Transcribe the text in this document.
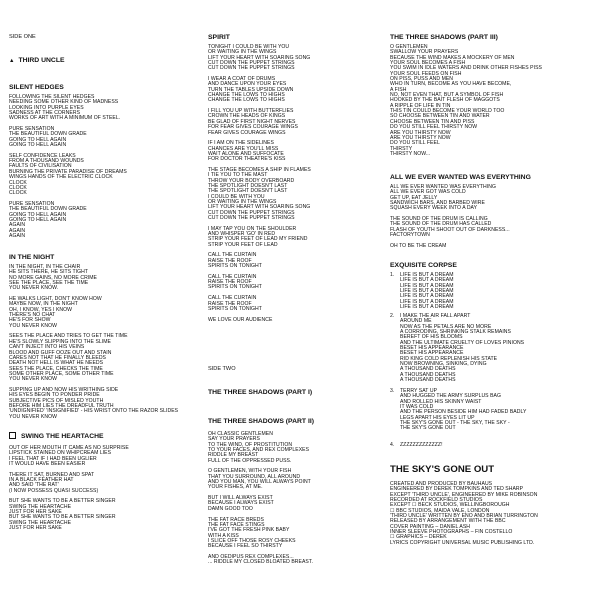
SIDE ONE
▲ THIRD UNCLE
SILENT HEDGES
FOLLOWING THE SILENT HEDGES
NEEDING SOME OTHER KIND OF MADNESS
LOOKING INTO PURPLE EYES
SADNESS AT THE CORNERS
WORKS OF ART WITH A MINIMUM OF STEEL.
PURE SENSATION
THE BEAUTIFUL DOWN GRADE
GOING TO HELL AGAIN
GOING TO HELL AGAIN
SELF CONFIDENCE LEAKS
FROM A THOUSAND WOUNDS
FAULTS OF CIVILISATION
BURNING THE PRIVATE PARADISE OF DREAMS
WINGS HANDS OF THE ELECTRIC CLOCK
CLOCK
CLOCK
CLOCK
PURE SENSATION
THE BEAUTIFUL DOWN GRADE
GOING TO HELL AGAIN
GOING TO HELL AGAIN
AGAIN
AGAIN
AGAIN
IN THE NIGHT
IN THE NIGHT, IN THE CHAIR
HE SITS THERE, HE SITS TIGHT
NO MORE GAINS, NO MORE CRIME
SEE THE PLACE, SEE THE TIME
YOU NEVER KNOW.
HE WALKS LIGHT, DON'T KNOW HOW
MAYBE NOW, IN THE NIGHT
OH, I KNOW, YES I KNOW
THERE'S NO CHAT
HE'S FOR SHOW
YOU NEVER KNOW
SEES THE PLACE AND TRIES TO GET THE TIME
HE'S SLOWLY SLIPPING INTO THE SLIME
CAN'T INJECT INTO HIS VEINS
BLOOD AND GUFF OOZE OUT AND STAIN
CARES NOT THAT HE FINALLY BLEEDS
DEATH NOT HELL IS WHAT HE NEEDS
SEES THE PLACE, CHECKS THE TIME
SOME OTHER PLACE, SOME OTHER TIME
YOU NEVER KNOW
SUPPING UP AND NOW HIS WRITHING SIDE
HIS EYES BEGIN TO PONDER PRIDE
SUBJECTIVE PICS OF MISLED YOUTH
BEFORE HIM LIES THE DREADFUL TRUTH
'UNDIGNIFIED' 'INSIGNIFIED' - HIS WRIST ONTO THE RAZOR SLIDES
YOU NEVER KNOW
SWING THE HEARTACHE
OUT OF HER MOUTH IT CAME AS NO SURPRISE
LIPSTICK STAINED ON WHIPCREAM LIES
I FEEL THAT IF I HAD BEEN UGLIER
IT WOULD HAVE BEEN EASIER
THERE IT SAT, BURNED AND SPAT
IN A BLACK FEATHER HAT
AND SAID 'THE RAT'
(I NOW POSSESS QUASI SUCCESS)
BUT SHE WANTS TO BE A BETTER SINGER
SWING THE HEARTACHE
JUST FOR HER SAKE
BUT SHE WANTS TO BE A BETTER SINGER
SWING THE HEARTACHE
JUST FOR HER SAKE
SPIRIT
TONIGHT I COULD BE WITH YOU
OR WAITING IN THE WINGS
LIFT YOUR HEART WITH SOARING SONG
CUT DOWN THE PUPPET STRINGS
CUT DOWN THE PUPPET STRINGS
I WEAR A COAT OF DRUMS
AND DANCE UPON YOUR EYES
TURN THE TABLES UPSIDE DOWN
CHANGE THE LOWS TO HIGHS
CHANGE THE LOWS TO HIGHS
I FILL YOU UP WITH BUTTERFLIES
CROWN THE HEADS OF KINGS
BE GLAD OF FIRST NIGHT NERVES
FOR FEAR GIVES COURAGE WINGS
FEAR GIVES COURAGE WINGS
IF I AM ON THE SIDELINES
CHANCES ARE YOU'LL MISS
WAIT ALONE AND SUFFOCATE
FOR DOCTOR THEATRE'S KISS
THE STAGE BECOMES A SHIP IN FLAMES
I TIE YOU TO THE MAST
THROW YOUR BODY OVERBOARD
THE SPOTLIGHT DOESN'T LAST
THE SPOTLIGHT DOESN'T LAST
I COULD BE WITH YOU
OR WAITING IN THE WINGS
LIFT YOUR HEART WITH SOARING SONG
CUT DOWN THE PUPPET STRINGS
CUT DOWN THE PUPPET STRINGS
I MAY TAP YOU ON THE SHOULDER
AND WHISPER 'GO' IN RED
STRIP YOUR FEET OF LEAD MY FRIEND
STRIP YOUR FEET OF LEAD
CALL THE CURTAIN
RAISE THE ROOF
SPIRITS ON TONIGHT
CALL THE CURTAIN
RAISE THE ROOF
SPIRITS ON TONIGHT
CALL THE CURTAIN
RAISE THE ROOF
SPIRITS ON TONIGHT
WE LOVE OUR AUDIENCE
SIDE TWO
THE THREE SHADOWS (PART I)
THE THREE SHADOWS (PART II)
OH CLASSIC GENTLEMEN
SAY YOUR PRAYERS
TO THE WIND, OF PROSTITUTION
TO YOUR FACES, AND REX COMPLEXES
RIDDLE MY BREAST
FULL OF THE OPPRESSED PUSS.
O GENTLEMEN, WITH YOUR FISH
THAT YOU SURROUND, ALL AROUND
AND YOU MAN, YOU WILL ALWAYS POINT
YOUR FISHES, AT ME.
BUT I WILL ALWAYS EXIST
BECAUSE I ALWAYS EXIST
DAMN GOOD TOO
THE FAT RACE BREDS
THE FAT FACE STINGS
I'VE GOT THE FRESH PINK BABY
WITH A KISS
I SLICE OFF THOSE ROSY CHEEKS
BECAUSE I FEEL SO THIRSTY
AND OEDIPUS REX COMPLEXES...
... RIDDLE MY CLOSED BLOATED BREAST.
THE THREE SHADOWS (PART III)
O GENTLEMEN
SWALLOW YOUR PRAYERS
BECAUSE THE WIND MAKES A MOCKERY OF MEN
YOUR SOUL BECOMES A FISH
YOU SWIM IN IDLE WATERS AND DRINK OTHER FISHES PISS
YOUR SOUL FEEDS ON FISH
ON PISS, PUSS AND MEN
WHO IN TURN, BECOME AS YOU HAVE BECOME,
A FISH
NO, NOT EVEN THAT, BUT A SYMBOL OF FISH
HOOKED BY THE BAIT FLESH OF MAGGOTS
A RIPPLE OF LIFE IN TIN
THIS TIN COULD BECOME YOUR WORLD TOO
SO CHOOSE BETWEEN TIN AND WATER
CHOOSE BETWEEN TIN AND PISS
DO YOU STILL FEEL THIRSTY NOW
ARE YOU THIRSTY NOW
ARE YOU THIRSTY NOW
DO YOU STILL FEEL
THIRSTY
THIRSTY NOW...
ALL WE EVER WANTED WAS EVERYTHING
ALL WE EVER WANTED WAS EVERYTHING
ALL WE EVER GOT WAS COLD
GET UP, EAT JELLY
SANDWICH BARS, AND BARBED WIRE
SQUASH EVERY WEEK INTO A DAY
THE SOUND OF THE DRUM IS CALLING
THE SOUND OF THE DRUM HAS CALLED
FLASH OF YOUTH SHOOT OUT OF DARKNESS...
FACTORYTOWN
OH TO BE THE CREAM
EXQUISITE CORPSE
1. LIFE IS BUT A DREAM
LIFE IS BUT A DREAM
LIFE IS BUT A DREAM
LIFE IS BUT A DREAM
LIFE IS BUT A DREAM
LIFE IS BUT A DREAM
LIFE IS BUT A DREAM
2. I MAKE THE AIR FALL APART
AROUND ME
NOW AS THE PETALS ARE NO MORE
A CORRODING, SHRINKING STALK REMAINS
BEREFT OF HIS BLOOMS
AND THE ULTIMATE CRUELTY OF LOVES PINIONS
BESET HIS APPEARANCE
BESET HIS APPEARANCE
RID KING COLD REPLENISH HIS STATE
NOW BROWNING, SINKING, DYING
A THOUSAND DEATHS
A THOUSAND DEATHS
A THOUSAND DEATHS
3. TERRY SAT UP
AND HUGGED THE ARMY SURPLUS BAG
AND ROLLED HIS SKINNY WAIST
IT WAS COLD
AND THE PERSON BESIDE HIM HAD FADED BADLY
LEGS APART HIS EYES LIT UP
THE SKY'S GONE OUT - THE SKY, THE SKY -
THE SKY'S GONE OUT
4. ZZZZZZZZZZZZZ!
THE SKY'S GONE OUT
CREATED AND PRODUCED BY BAUHAUS
ENGINEERED BY DEREK TOMPKINS AND TED SHARP
EXCEPT 'THIRD UNCLE', ENGINEERED BY MIKE ROBINSON
RECORDED AT ROCKFIELD STUDIOS
EXCEPT ☐ BECK STUDIOS, WELLINGBOROUGH
☐ BBC STUDIOS, MAIDA VALE, LONDON
'THIRD UNCLE' WRITTEN BY ENO AND BRIAN TURRINGTON
RELEASED BY ARRANGEMENT WITH THE BBC
COVER PAINTING – DANIEL ASH
INNER SLEEVE PHOTOGRAPHS – FIN COSTELLO
☐ GRAPHICS – DEREK
LYRICS COPYRIGHT UNIVERSAL MUSIC PUBLISHING LTD.
